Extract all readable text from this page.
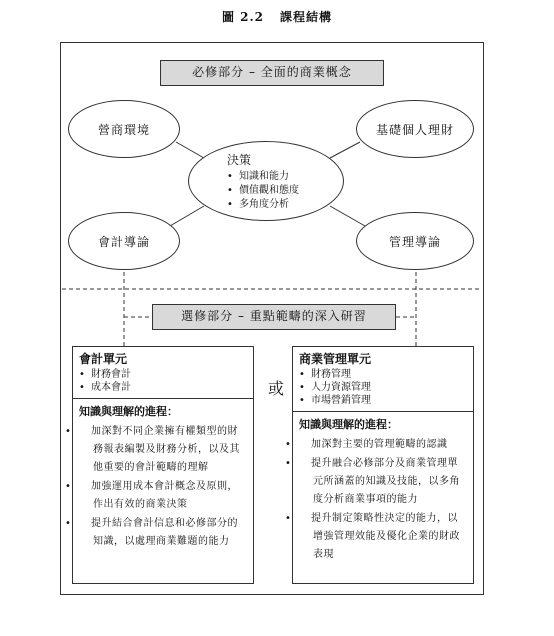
圖 2.2 課程結構
必修部分 – 全面的商業概念
營商環境	基礎個人理財
會計導論	管理導論
決策
• 知識和能力
• 價值觀和態度
• 多角度分析
選修部分 – 重點範疇的深入研習
會計單元
• 財務會計
• 成本會計
知識與理解的進程：
• 加深對不同企業擁有權類型的財務報表編製及財務分析，以及其他重要的會計範疇的理解
• 加強運用成本會計概念及原則，作出有效的商業決策
• 提升結合會計信息和必修部分的知識，以處理商業難題的能力
或
商業管理單元
• 財務管理
• 人力資源管理
• 市場營銷管理
知識與理解的進程：
• 加深對主要的管理範疇的認識
• 提升融合必修部分及商業管理單元所涵蓋的知識及技能，以多角度分析商業事項的能力
• 提升制定策略性決定的能力，以增強管理效能及優化企業的財政表現
